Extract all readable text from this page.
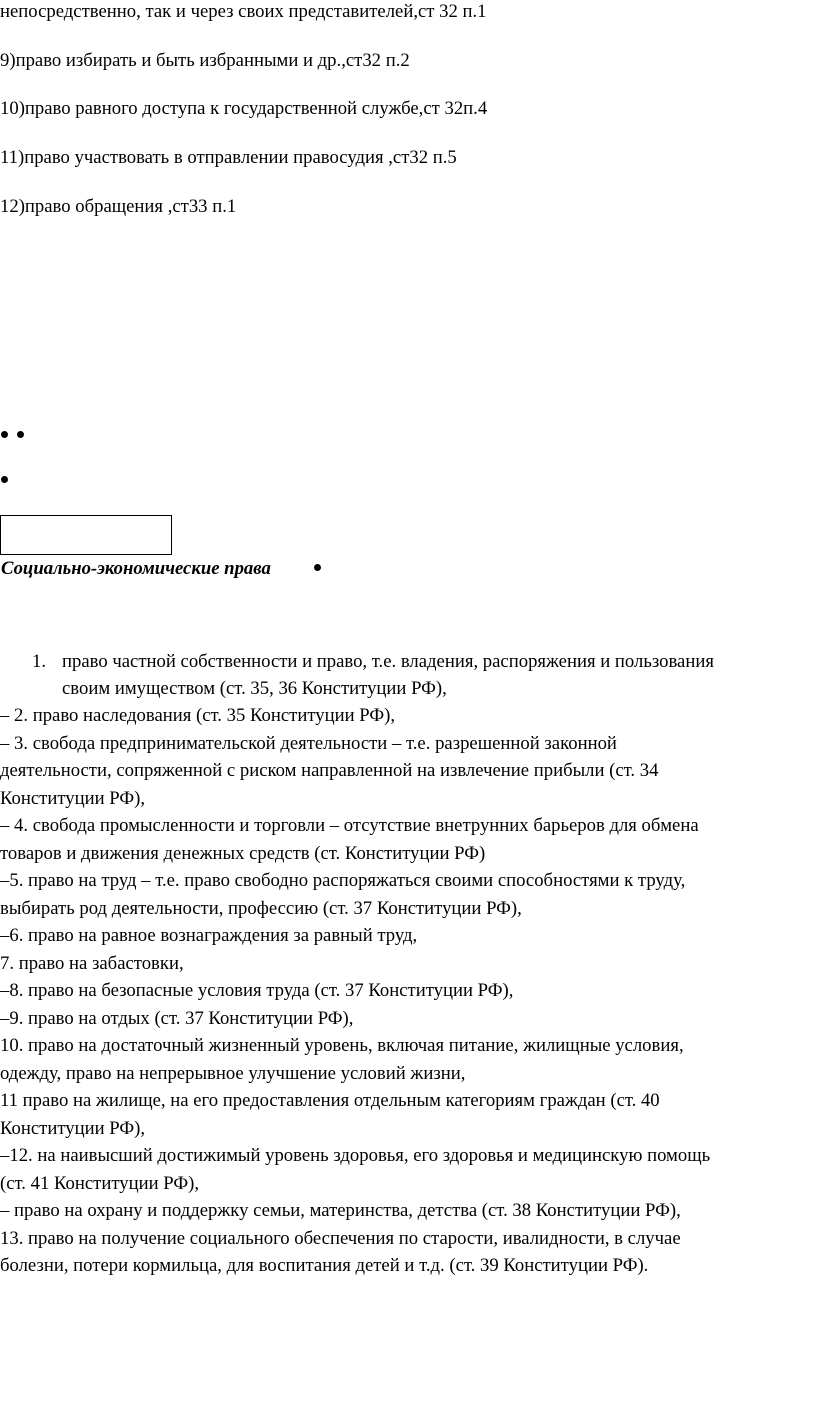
непосредственно, так и через своих представителей,ст 32 п.1
9)право избирать и быть избранными и др.,ст32 п.2
10)право равного доступа к государственной службе,ст 32п.4
11)право участвовать в отправлении правосудия ,ст32 п.5
12)право обращения ,ст33 п.1
Социально-экономические права
1. право частной собственности и право, т.е. владения, распоряжения и пользования
своим имуществом (ст. 35, 36 Конституции РФ),
– 2. право наследования (ст. 35 Конституции РФ),
– 3. свобода предпринимательской деятельности – т.е. разрешенной законной
деятельности, сопряженной с риском направленной на извлечение прибыли (ст. 34
Конституции РФ),
– 4. свобода промысленности и торговли – отсутствие внетрунних барьеров для обмена
товаров и движения денежных средств (ст. Конституции РФ)
–5. право на труд – т.е. право свободно распоряжаться своими способностями к труду,
выбирать род деятельности, профессию (ст. 37 Конституции РФ),
–6. право на равное вознаграждения за равный труд,
7. право на забастовки,
–8. право на безопасные условия труда (ст. 37 Конституции РФ),
–9. право на отдых (ст. 37 Конституции РФ),
10. право на достаточный жизненный уровень, включая питание, жилищные условия,
одежду, право на непрерывное улучшение условий жизни,
11 право на жилище, на его предоставления отдельным категориям граждан (ст. 40
Конституции РФ),
–12. на наивысший достижимый уровень здоровья, его здоровья и медицинскую помощь
(ст. 41 Конституции РФ),
– право на охрану и поддержку семьи, материнства, детства (ст. 38 Конституции РФ),
13. право на получение социального обеспечения по старости, ивалидности, в случае
болезни, потери кормильца, для воспитания детей и т.д. (ст. 39 Конституции РФ).
